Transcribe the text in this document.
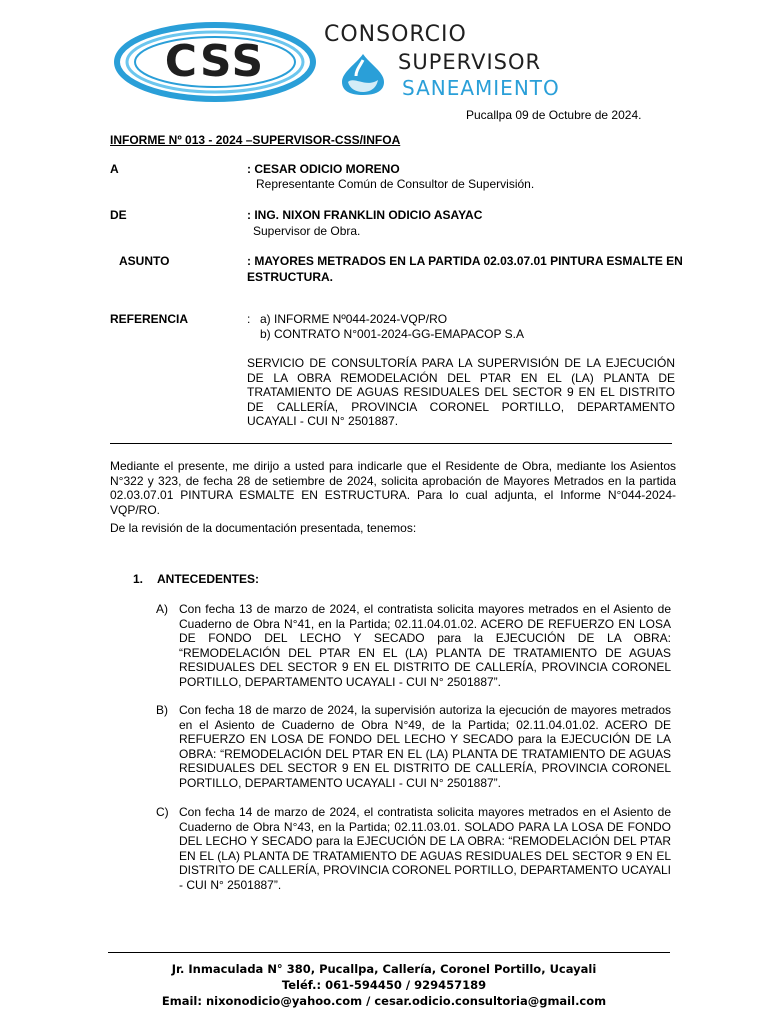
CSS
CONSORCIO
SUPERVISOR
SANEAMIENTO
Pucallpa 09 de Octubre de 2024.
INFORME Nº 013 - 2024 –SUPERVISOR-CSS/INFOA
A	: CESAR ODICIO MORENO
Representante Común de Consultor de Supervisión.
DE	: ING. NIXON FRANKLIN ODICIO ASAYAC
Supervisor de Obra.
ASUNTO	: MAYORES METRADOS EN LA PARTIDA 02.03.07.01 PINTURA ESMALTE EN
ESTRUCTURA.
REFERENCIA	: a) INFORME Nº044-2024-VQP/RO
b) CONTRATO N°001-2024-GG-EMAPACOP S.A
SERVICIO DE CONSULTORÍA PARA LA SUPERVISIÓN DE LA EJECUCIÓN DE LA OBRA REMODELACIÓN DEL PTAR EN EL (LA) PLANTA DE TRATAMIENTO DE AGUAS RESIDUALES DEL SECTOR 9 EN EL DISTRITO DE CALLERÍA, PROVINCIA CORONEL PORTILLO, DEPARTAMENTO UCAYALI - CUI N° 2501887.
Mediante el presente, me dirijo a usted para indicarle que el Residente de Obra, mediante los Asientos N°322 y 323, de fecha 28 de setiembre de 2024, solicita aprobación de Mayores Metrados en la partida 02.03.07.01 PINTURA ESMALTE EN ESTRUCTURA. Para lo cual adjunta, el Informe N°044-2024-VQP/RO.
De la revisión de la documentación presentada, tenemos:
1. ANTECEDENTES:
A) Con fecha 13 de marzo de 2024, el contratista solicita mayores metrados en el Asiento de Cuaderno de Obra N°41, en la Partida; 02.11.04.01.02. ACERO DE REFUERZO EN LOSA DE FONDO DEL LECHO Y SECADO para la EJECUCIÓN DE LA OBRA: “REMODELACIÓN DEL PTAR EN EL (LA) PLANTA DE TRATAMIENTO DE AGUAS RESIDUALES DEL SECTOR 9 EN EL DISTRITO DE CALLERÍA, PROVINCIA CORONEL PORTILLO, DEPARTAMENTO UCAYALI - CUI N° 2501887”.
B) Con fecha 18 de marzo de 2024, la supervisión autoriza la ejecución de mayores metrados en el Asiento de Cuaderno de Obra N°49, de la Partida; 02.11.04.01.02. ACERO DE REFUERZO EN LOSA DE FONDO DEL LECHO Y SECADO para la EJECUCIÓN DE LA OBRA: “REMODELACIÓN DEL PTAR EN EL (LA) PLANTA DE TRATAMIENTO DE AGUAS RESIDUALES DEL SECTOR 9 EN EL DISTRITO DE CALLERÍA, PROVINCIA CORONEL PORTILLO, DEPARTAMENTO UCAYALI - CUI N° 2501887”.
C) Con fecha 14 de marzo de 2024, el contratista solicita mayores metrados en el Asiento de Cuaderno de Obra N°43, en la Partida; 02.11.03.01. SOLADO PARA LA LOSA DE FONDO DEL LECHO Y SECADO para la EJECUCIÓN DE LA OBRA: “REMODELACIÓN DEL PTAR EN EL (LA) PLANTA DE TRATAMIENTO DE AGUAS RESIDUALES DEL SECTOR 9 EN EL DISTRITO DE CALLERÍA, PROVINCIA CORONEL PORTILLO, DEPARTAMENTO UCAYALI - CUI N° 2501887”.
Jr. Inmaculada N° 380, Pucallpa, Callería, Coronel Portillo, Ucayali
Teléf.: 061-594450 / 929457189
Email: nixonodicio@yahoo.com / cesar.odicio.consultoria@gmail.com
